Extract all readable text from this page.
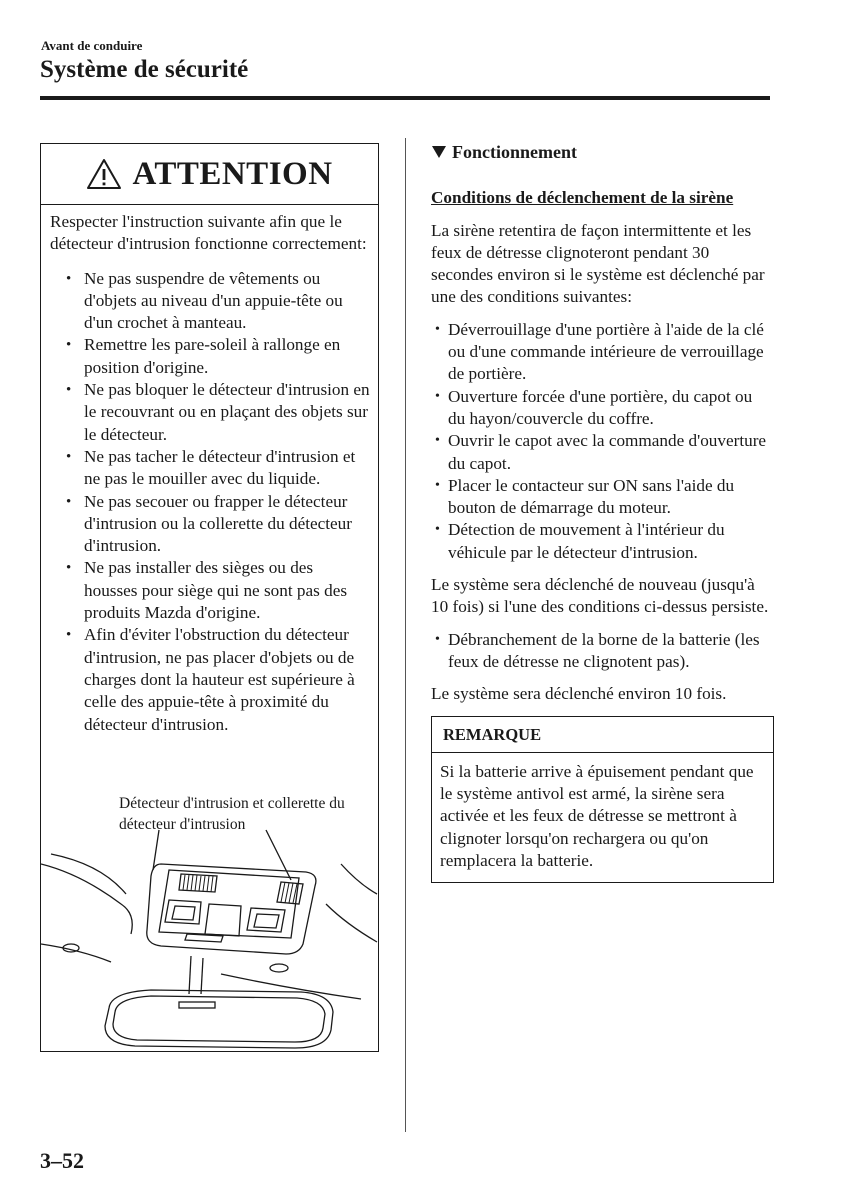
Avant de conduire
Système de sécurité
ATTENTION

Respecter l'instruction suivante afin que le détecteur d'intrusion fonctionne correctement:

• Ne pas suspendre de vêtements ou d'objets au niveau d'un appuie-tête ou d'un crochet à manteau.
• Remettre les pare-soleil à rallonge en position d'origine.
• Ne pas bloquer le détecteur d'intrusion en le recouvrant ou en plaçant des objets sur le détecteur.
• Ne pas tacher le détecteur d'intrusion et ne pas le mouiller avec du liquide.
• Ne pas secouer ou frapper le détecteur d'intrusion ou la collerette du détecteur d'intrusion.
• Ne pas installer des sièges ou des housses pour siège qui ne sont pas des produits Mazda d'origine.
• Afin d'éviter l'obstruction du détecteur d'intrusion, ne pas placer d'objets ou de charges dont la hauteur est supérieure à celle des appuie-tête à proximité du détecteur d'intrusion.
Détecteur d'intrusion et collerette du détecteur d'intrusion
Fonctionnement
Conditions de déclenchement de la sirène

La sirène retentira de façon intermittente et les feux de détresse clignoteront pendant 30 secondes environ si le système est déclenché par une des conditions suivantes:

• Déverrouillage d'une portière à l'aide de la clé ou d'une commande intérieure de verrouillage de portière.
• Ouverture forcée d'une portière, du capot ou du hayon/couvercle du coffre.
• Ouvrir le capot avec la commande d'ouverture du capot.
• Placer le contacteur sur ON sans l'aide du bouton de démarrage du moteur.
• Détection de mouvement à l'intérieur du véhicule par le détecteur d'intrusion.

Le système sera déclenché de nouveau (jusqu'à 10 fois) si l'une des conditions ci-dessus persiste.

• Débranchement de la borne de la batterie (les feux de détresse ne clignotent pas).

Le système sera déclenché environ 10 fois.

REMARQUE
Si la batterie arrive à épuisement pendant que le système antivol est armé, la sirène sera activée et les feux de détresse se mettront à clignoter lorsqu'on rechargera ou qu'on remplacera la batterie.
3–52
